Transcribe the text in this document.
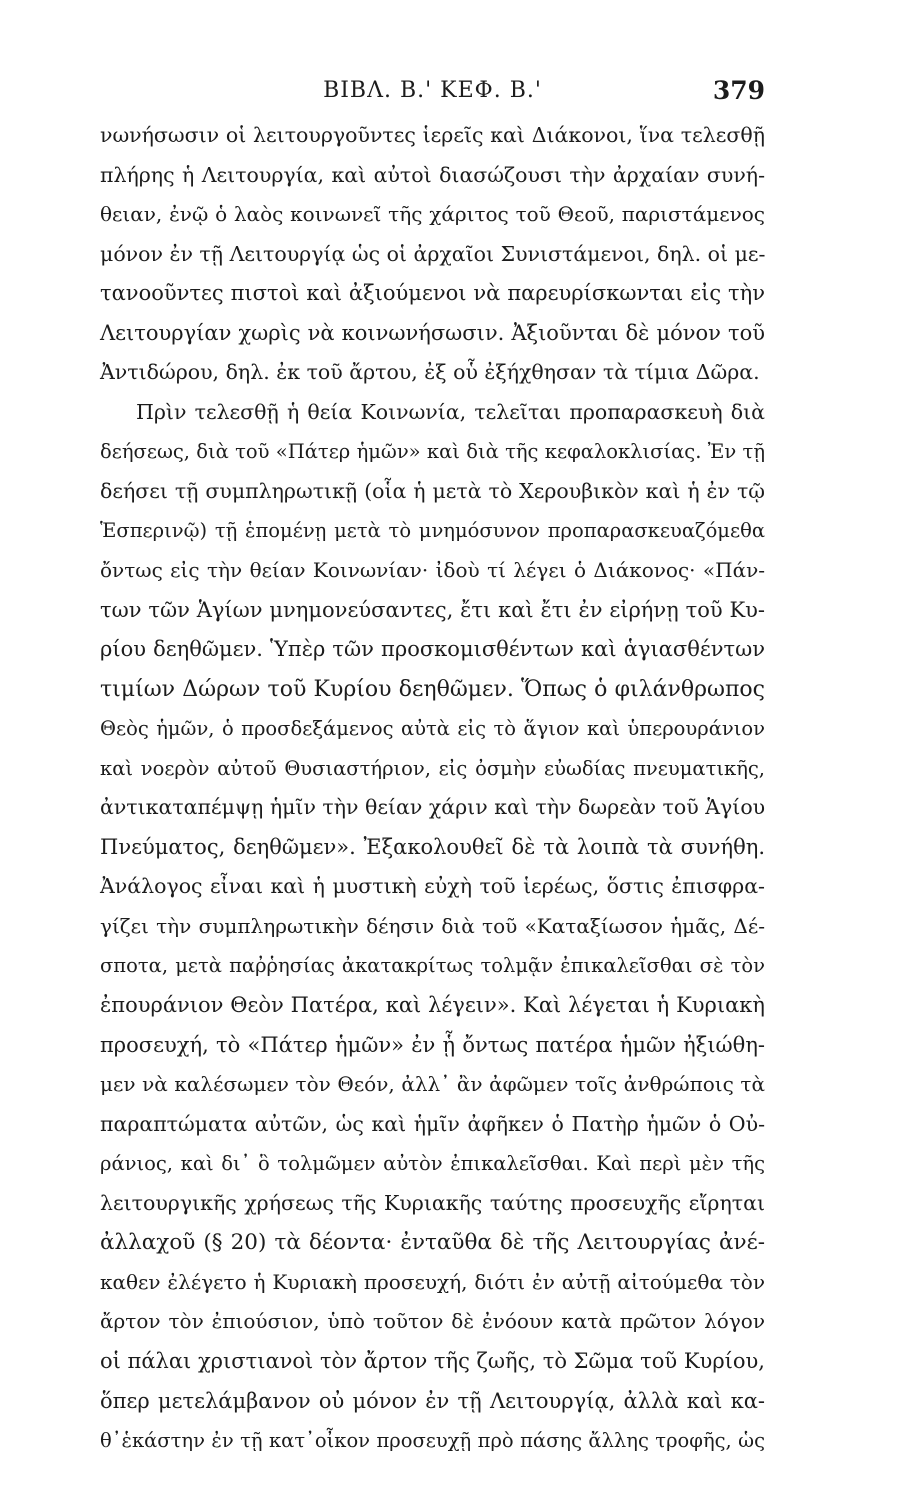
ΒΙΒΛ. Β.' ΚΕΦ. Β.'	379
νωνήσωσιν οἱ λειτουργοῦντες ἱερεῖς καὶ Διάκονοι, ἵνα τελεσθῇ
πλήρης ἡ Λειτουργία, καὶ αὐτοὶ διασώζουσι τὴν ἀρχαίαν συνή-
θειαν, ἐνῷ ὁ λαὸς κοινωνεῖ τῆς χάριτος τοῦ Θεοῦ, παριστάμενος
μόνον ἐν τῇ Λειτουργίᾳ ὡς οἱ ἀρχαῖοι Συνιστάμενοι, δηλ. οἱ με-
τανοοῦντες πιστοὶ καὶ ἀξιούμενοι νὰ παρευρίσκωνται εἰς τὴν
Λειτουργίαν χωρὶς νὰ κοινωνήσωσιν. Ἀξιοῦνται δὲ μόνον τοῦ
Ἀντιδώρου, δηλ. ἐκ τοῦ ἄρτου, ἐξ οὗ ἐξήχθησαν τὰ τίμια Δῶρα.
Πρὶν τελεσθῇ ἡ θεία Κοινωνία, τελεῖται προπαρασκευὴ διὰ
δεήσεως, διὰ τοῦ «Πάτερ ἡμῶν» καὶ διὰ τῆς κεφαλοκλισίας. Ἐν τῇ
δεήσει τῇ συμπληρωτικῇ (οἷα ἡ μετὰ τὸ Χερουβικὸν καὶ ἡ ἐν τῷ
Ἑσπερινῷ) τῇ ἑπομένῃ μετὰ τὸ μνημόσυνον προπαρασκευαζόμεθα
ὄντως εἰς τὴν θείαν Κοινωνίαν· ἰδοὺ τί λέγει ὁ Διάκονος· «Πάν-
των τῶν Ἁγίων μνημονεύσαντες, ἔτι καὶ ἔτι ἐν εἰρήνῃ τοῦ Κυ-
ρίου δεηθῶμεν. Ὑπὲρ τῶν προσκομισθέντων καὶ ἁγιασθέντων
τιμίων Δώρων τοῦ Κυρίου δεηθῶμεν. Ὅπως ὁ φιλάνθρωπος
Θεὸς ἡμῶν, ὁ προσδεξάμενος αὐτὰ εἰς τὸ ἅγιον καὶ ὑπερουράνιον
καὶ νοερὸν αὐτοῦ Θυσιαστήριον, εἰς ὀσμὴν εὐωδίας πνευματικῆς,
ἀντικαταπέμψῃ ἡμῖν τὴν θείαν χάριν καὶ τὴν δωρεὰν τοῦ Ἁγίου
Πνεύματος, δεηθῶμεν». Ἐξακολουθεῖ δὲ τὰ λοιπὰ τὰ συνήθη.
Ἀνάλογος εἶναι καὶ ἡ μυστικὴ εὐχὴ τοῦ ἱερέως, ὅστις ἐπισφρα-
γίζει τὴν συμπληρωτικὴν δέησιν διὰ τοῦ «Καταξίωσον ἡμᾶς, Δέ-
σποτα, μετὰ παῤῥησίας ἀκατακρίτως τολμᾷν ἐπικαλεῖσθαι σὲ τὸν
ἐπουράνιον Θεὸν Πατέρα, καὶ λέγειν». Καὶ λέγεται ἡ Κυριακὴ
προσευχή, τὸ «Πάτερ ἡμῶν» ἐν ᾗ ὄντως πατέρα ἡμῶν ἠξιώθη-
μεν νὰ καλέσωμεν τὸν Θεόν, ἀλλ᾽ ἂν ἀφῶμεν τοῖς ἀνθρώποις τὰ
παραπτώματα αὐτῶν, ὡς καὶ ἡμῖν ἀφῆκεν ὁ Πατὴρ ἡμῶν ὁ Οὐ-
ράνιος, καὶ δι᾽ ὃ τολμῶμεν αὐτὸν ἐπικαλεῖσθαι. Καὶ περὶ μὲν τῆς
λειτουργικῆς χρήσεως τῆς Κυριακῆς ταύτης προσευχῆς εἴρηται
ἀλλαχοῦ (§ 20) τὰ δέοντα· ἐνταῦθα δὲ τῆς Λειτουργίας ἀνέ-
καθεν ἐλέγετο ἡ Κυριακὴ προσευχή, διότι ἐν αὐτῇ αἰτούμεθα τὸν
ἄρτον τὸν ἐπιούσιον, ὑπὸ τοῦτον δὲ ἐνόουν κατὰ πρῶτον λόγον
οἱ πάλαι χριστιανοὶ τὸν ἄρτον τῆς ζωῆς, τὸ Σῶμα τοῦ Κυρίου,
ὅπερ μετελάμβανον οὐ μόνον ἐν τῇ Λειτουργίᾳ, ἀλλὰ καὶ κα-
θ᾽ἑκάστην ἐν τῇ κατ᾽οἶκον προσευχῇ πρὸ πάσης ἄλλης τροφῆς, ὡς
